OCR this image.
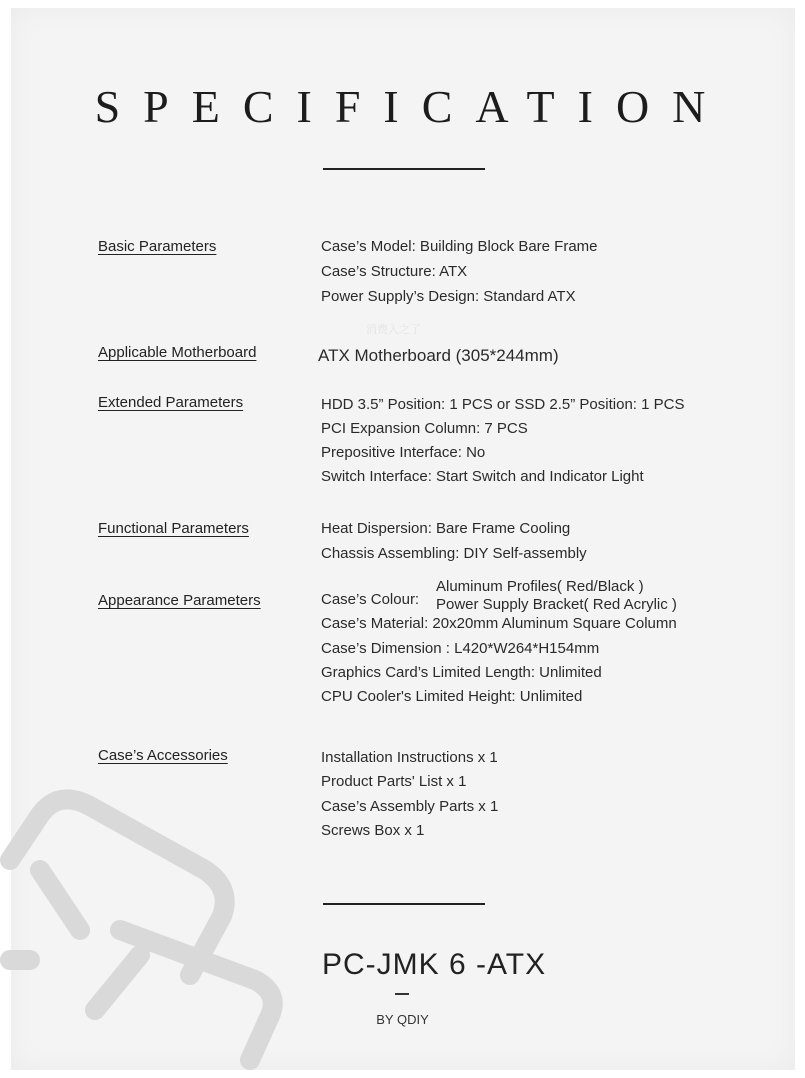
SPECIFICATION
消费入之了
Basic Parameters	Case’s Model: Building Block Bare Frame
Case’s Structure: ATX
Power Supply’s Design: Standard ATX
Applicable Motherboard	ATX Motherboard (305*244mm)
Extended Parameters	HDD 3.5” Position: 1 PCS or SSD 2.5” Position: 1 PCS
PCI Expansion Column: 7 PCS
Prepositive Interface: No
Switch Interface: Start Switch and Indicator Light
Functional Parameters	Heat Dispersion: Bare Frame Cooling
Chassis Assembling: DIY Self-assembly
Appearance Parameters	Case’s Colour:
Aluminum Profiles( Red/Black )
Power Supply Bracket( Red Acrylic )
Case’s Material: 20x20mm Aluminum Square Column
Case’s Dimension : L420*W264*H154mm
Graphics Card’s Limited Length: Unlimited
CPU Cooler's Limited Height: Unlimited
Case’s Accessories	Installation Instructions x 1
Product Parts' List x 1
Case’s Assembly Parts x 1
Screws Box x 1
PC-JMK 6 -ATX
BY QDIY
